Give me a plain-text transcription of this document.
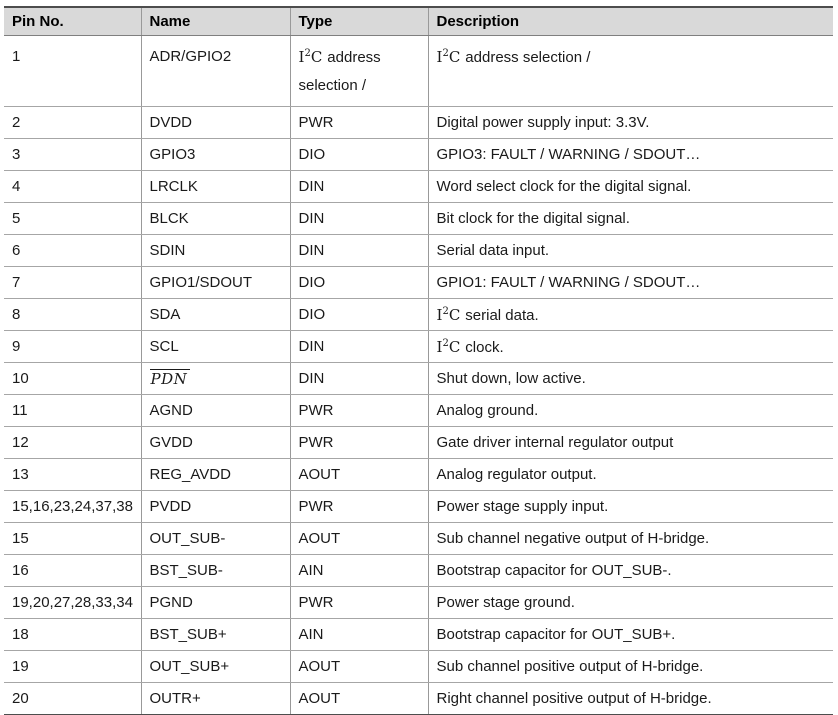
Pin No.	Name	Type	Description
1	ADR/GPIO2	$I^2C$ address selection /	$I^2C$ address selection /
2	DVDD	PWR	Digital power supply input: 3.3V.
3	GPIO3	DIO	GPIO3: FAULT / WARNING / SDOUT…
4	LRCLK	DIN	Word select clock for the digital signal.
5	BLCK	DIN	Bit clock for the digital signal.
6	SDIN	DIN	Serial data input.
7	GPIO1/SDOUT	DIO	GPIO1: FAULT / WARNING / SDOUT…
8	SDA	DIO	$I^2C$ serial data.
9	SCL	DIN	$I^2C$ clock.
10	PDN	DIN	Shut down, low active.
11	AGND	PWR	Analog ground.
12	GVDD	PWR	Gate driver internal regulator output
13	REG_AVDD	AOUT	Analog regulator output.
15,16,23,24,37,38	PVDD	PWR	Power stage supply input.
15	OUT_SUB-	AOUT	Sub channel negative output of H-bridge.
16	BST_SUB-	AIN	Bootstrap capacitor for OUT_SUB-.
19,20,27,28,33,34	PGND	PWR	Power stage ground.
18	BST_SUB+	AIN	Bootstrap capacitor for OUT_SUB+.
19	OUT_SUB+	AOUT	Sub channel positive output of H-bridge.
20	OUTR+	AOUT	Right channel positive output of H-bridge.
